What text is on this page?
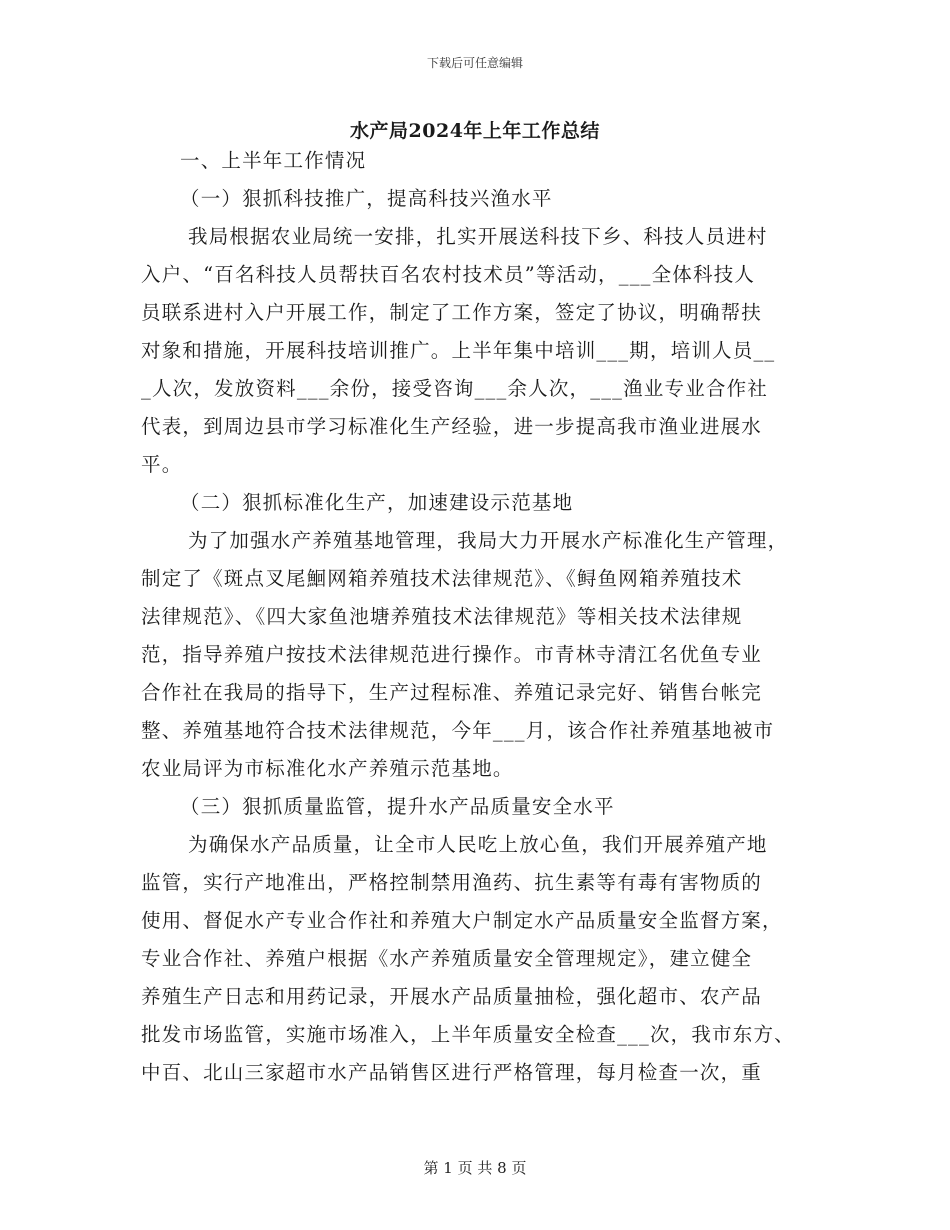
下载后可任意编辑
水产局2024年上年工作总结
一、上半年工作情况
（一）狠抓科技推广，提高科技兴渔水平
我局根据农业局统一安排，扎实开展送科技下乡、科技人员进村
入户、“百名科技人员帮扶百名农村技术员”等活动，___全体科技人
员联系进村入户开展工作，制定了工作方案，签定了协议，明确帮扶
对象和措施，开展科技培训推广。上半年集中培训___期，培训人员__
_人次，发放资料___余份，接受咨询___余人次，___渔业专业合作社
代表，到周边县市学习标准化生产经验，进一步提高我市渔业进展水
平。
（二）狠抓标准化生产，加速建设示范基地
为了加强水产养殖基地管理，我局大力开展水产标准化生产管理，
制定了《斑点叉尾鮰网箱养殖技术法律规范》、《鲟鱼网箱养殖技术
法律规范》、《四大家鱼池塘养殖技术法律规范》等相关技术法律规
范，指导养殖户按技术法律规范进行操作。市青林寺清江名优鱼专业
合作社在我局的指导下，生产过程标准、养殖记录完好、销售台帐完
整、养殖基地符合技术法律规范，今年___月，该合作社养殖基地被市
农业局评为市标准化水产养殖示范基地。
（三）狠抓质量监管，提升水产品质量安全水平
为确保水产品质量，让全市人民吃上放心鱼，我们开展养殖产地
监管，实行产地准出，严格控制禁用渔药、抗生素等有毒有害物质的
使用、督促水产专业合作社和养殖大户制定水产品质量安全监督方案，
专业合作社、养殖户根据《水产养殖质量安全管理规定》，建立健全
养殖生产日志和用药记录，开展水产品质量抽检，强化超市、农产品
批发市场监管，实施市场准入，上半年质量安全检查___次，我市东方、
中百、北山三家超市水产品销售区进行严格管理，每月检查一次，重
第 1 页 共 8 页
